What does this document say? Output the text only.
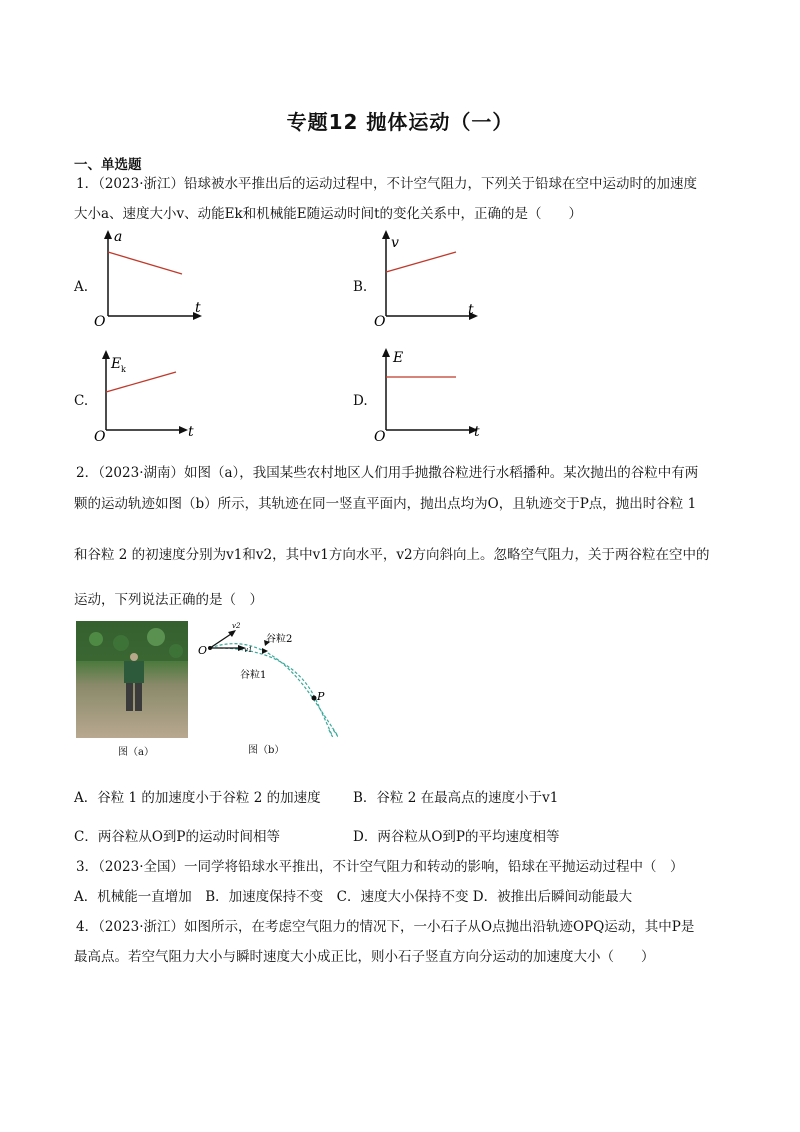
专题12 抛体运动（一）
一、单选题
1．（2023·浙江）铅球被水平推出后的运动过程中，不计空气阻力，下列关于铅球在空中运动时的加速度
大小a、速度大小v、动能Ek和机械能E随运动时间t的变化关系中，正确的是（　　）
A.
a
O
t
B.
v
O
t
C.
E k
O	t
D.
E
O	t
2．（2023·湖南）如图（a），我国某些农村地区人们用手抛撒谷粒进行水稻播种。某次抛出的谷粒中有两
颗的运动轨迹如图（b）所示，其轨迹在同一竖直平面内，抛出点均为O，且轨迹交于P点，抛出时谷粒 1
和谷粒 2 的初速度分别为v1和v2，其中v1方向水平，v2方向斜向上。忽略空气阻力，关于两谷粒在空中的
运动，下列说法正确的是（　）
图（a）
O
P
v2
v1
谷粒2
谷粒1
图（b）
A．谷粒 1 的加速度小于谷粒 2 的加速度 B．谷粒 2 在最高点的速度小于v1
C．两谷粒从O到P的运动时间相等	D．两谷粒从O到P的平均速度相等
3．（2023·全国）一同学将铅球水平推出，不计空气阻力和转动的影响，铅球在平抛运动过程中（　）
A．机械能一直增加　B．加速度保持不变　C．速度大小保持不变 D．被推出后瞬间动能最大
4．（2023·浙江）如图所示，在考虑空气阻力的情况下，一小石子从O点抛出沿轨迹OPQ运动，其中P是
最高点。若空气阻力大小与瞬时速度大小成正比，则小石子竖直方向分运动的加速度大小（　　）
